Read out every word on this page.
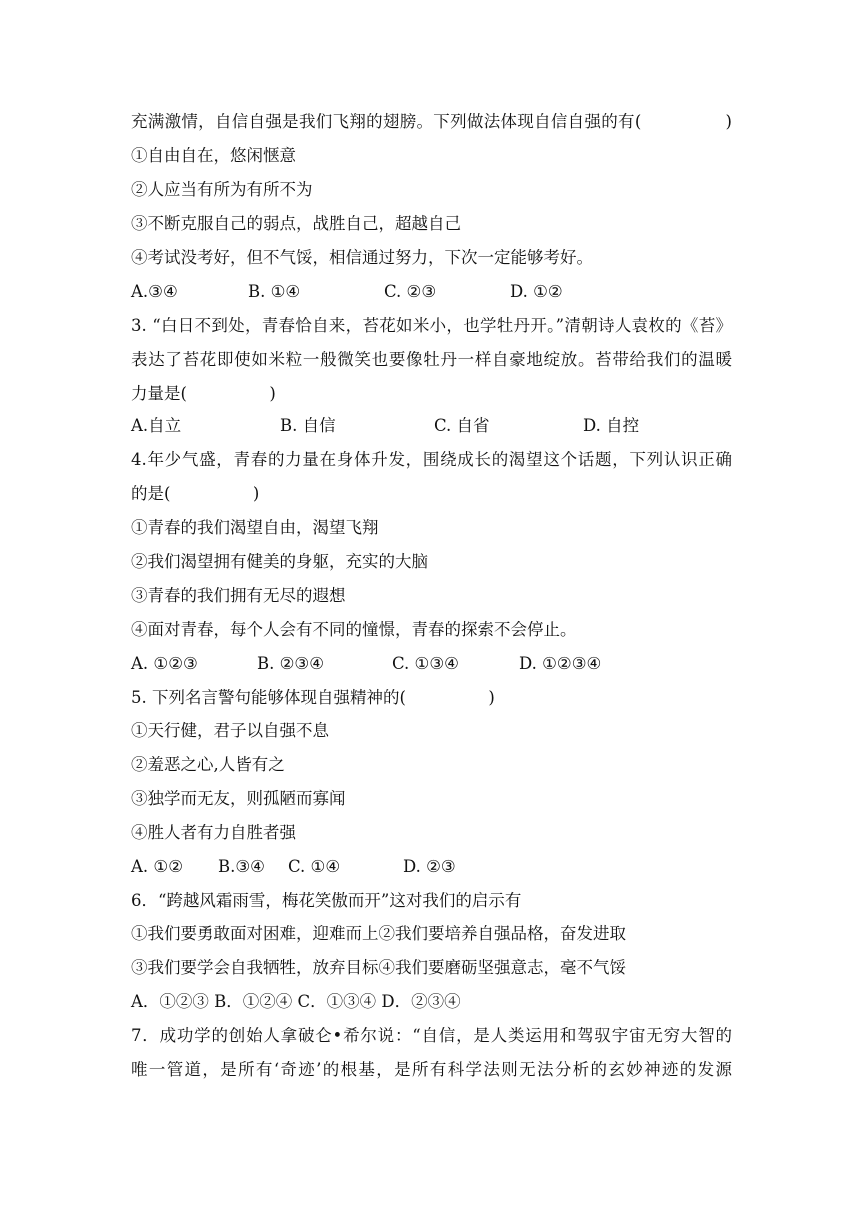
充满激情，自信自强是我们飞翔的翅膀。下列做法体现自信自强的有(　　　　　)
①自由自在，悠闲惬意
②人应当有所为有所不为
③不断克服自己的弱点，战胜自己，超越自己
④考试没考好，但不气馁，相信通过努力，下次一定能够考好。
A.③④	B. ①④	C. ②③	D. ①②
3. “白日不到处，青春恰自来，苔花如米小，也学牡丹开。”清朝诗人袁枚的《苔》
表达了苔花即使如米粒一般微笑也要像牡丹一样自豪地绽放。苔带给我们的温暖
力量是(　　　　　)
A.自立	B. 自信	C. 自省	D. 自控
4.年少气盛，青春的力量在身体升发，围绕成长的渴望这个话题，下列认识正确
的是(　　　　　)
①青春的我们渴望自由，渴望飞翔
②我们渴望拥有健美的身躯，充实的大脑
③青春的我们拥有无尽的遐想
④面对青春，每个人会有不同的憧憬，青春的探索不会停止。
A. ①②③	B. ②③④	C. ①③④	D. ①②③④
5. 下列名言警句能够体现自强精神的(　　　　　)
①天行健，君子以自强不息
②羞恶之心,人皆有之
③独学而无友，则孤陋而寡闻
④胜人者有力自胜者强
A. ①② B.③④ C. ①④	D. ②③
6．“跨越风霜雨雪，梅花笑傲而开”这对我们的启示有
①我们要勇敢面对困难，迎难而上②我们要培养自强品格，奋发进取
③我们要学会自我牺牲，放弃目标④我们要磨砺坚强意志，毫不气馁
A．①②③ B．①②④ C．①③④ D．②③④
7．成功学的创始人拿破仑•希尔说：“自信，是人类运用和驾驭宇宙无穷大智的
唯一管道，是所有‘奇迹’的根基，是所有科学法则无法分析的玄妙神迹的发源
